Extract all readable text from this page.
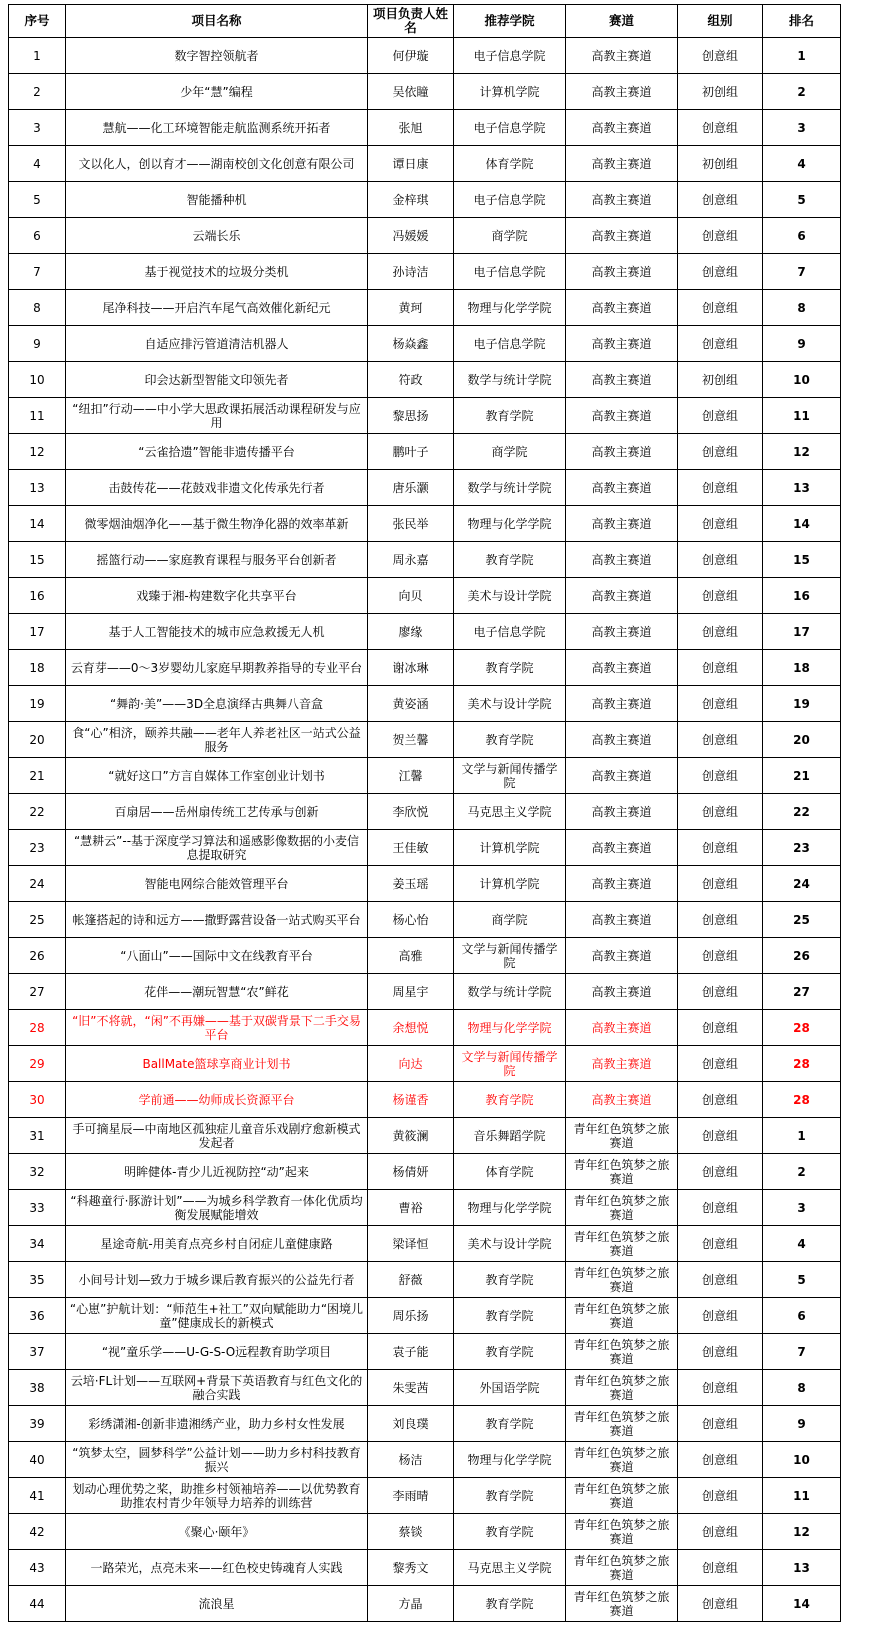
序号	项目名称	项目负责人姓名	推荐学院	赛道	组别	排名
1	数字智控领航者	何伊璇	电子信息学院	高教主赛道	创意组	1
2	少年“慧”编程	吴依瞳	计算机学院	高教主赛道	初创组	2
3	慧航——化工环境智能走航监测系统开拓者	张旭	电子信息学院	高教主赛道	创意组	3
4	文以化人，创以育才——湖南校创文化创意有限公司	谭日康	体育学院	高教主赛道	初创组	4
5	智能播种机	金梓琪	电子信息学院	高教主赛道	创意组	5
6	云端长乐	冯媛媛	商学院	高教主赛道	创意组	6
7	基于视觉技术的垃圾分类机	孙诗洁	电子信息学院	高教主赛道	创意组	7
8	尾净科技——开启汽车尾气高效催化新纪元	黄珂	物理与化学学院	高教主赛道	创意组	8
9	自适应排污管道清洁机器人	杨焱鑫	电子信息学院	高教主赛道	创意组	9
10	印会达新型智能文印领先者	符政	数学与统计学院	高教主赛道	初创组	10
11	“纽扣”行动——中小学大思政课拓展活动课程研发与应用	黎思扬	教育学院	高教主赛道	创意组	11
12	“云雀拾遗”智能非遗传播平台	鹏叶子	商学院	高教主赛道	创意组	12
13	击鼓传花——花鼓戏非遗文化传承先行者	唐乐灏	数学与统计学院	高教主赛道	创意组	13
14	微零烟油烟净化——基于微生物净化器的效率革新	张民举	物理与化学学院	高教主赛道	创意组	14
15	摇篮行动——家庭教育课程与服务平台创新者	周永嘉	教育学院	高教主赛道	创意组	15
16	戏臻于湘-构建数字化共享平台	向贝	美术与设计学院	高教主赛道	创意组	16
17	基于人工智能技术的城市应急救援无人机	廖缘	电子信息学院	高教主赛道	创意组	17
18	云育芽——0～3岁婴幼儿家庭早期教养指导的专业平台	谢冰琳	教育学院	高教主赛道	创意组	18
19	“舞韵·美”——3D全息演绎古典舞八音盒	黄姿涵	美术与设计学院	高教主赛道	创意组	19
20	食“心”相济，颐养共融——老年人养老社区一站式公益服务	贺兰馨	教育学院	高教主赛道	创意组	20
21	“就好这口”方言自媒体工作室创业计划书	江馨	文学与新闻传播学院	高教主赛道	创意组	21
22	百扇居——岳州扇传统工艺传承与创新	李欣悦	马克思主义学院	高教主赛道	创意组	22
23	“慧耕云”--基于深度学习算法和遥感影像数据的小麦信息提取研究	王佳敏	计算机学院	高教主赛道	创意组	23
24	智能电网综合能效管理平台	姜玉瑶	计算机学院	高教主赛道	创意组	24
25	帐篷搭起的诗和远方——撒野露营设备一站式购买平台	杨心怡	商学院	高教主赛道	创意组	25
26	“八面山”——国际中文在线教育平台	高雅	文学与新闻传播学院	高教主赛道	创意组	26
27	花伴——潮玩智慧“农”鲜花	周星宇	数学与统计学院	高教主赛道	创意组	27
28	“旧”不将就，“闲”不再嫌——基于双碳背景下二手交易平台	余想悦	物理与化学学院	高教主赛道	创意组	28
29	BallMate篮球享商业计划书	向达	文学与新闻传播学院	高教主赛道	创意组	28
30	学前通——幼师成长资源平台	杨谨香	教育学院	高教主赛道	创意组	28
31	手可摘星辰—中南地区孤独症儿童音乐戏剧疗愈新模式发起者	黄筱澜	音乐舞蹈学院	青年红色筑梦之旅赛道	创意组	1
32	明眸健体-青少儿近视防控“动”起来	杨倩妍	体育学院	青年红色筑梦之旅赛道	创意组	2
33	“科趣童行·豚游计划”——为城乡科学教育一体化优质均衡发展赋能增效	曹裕	物理与化学学院	青年红色筑梦之旅赛道	创意组	3
34	星途奇航-用美育点亮乡村自闭症儿童健康路	梁译恒	美术与设计学院	青年红色筑梦之旅赛道	创意组	4
35	小间号计划—致力于城乡课后教育振兴的公益先行者	舒薇	教育学院	青年红色筑梦之旅赛道	创意组	5
36	“心崽”护航计划：“师范生+社工”双向赋能助力“困境儿童”健康成长的新模式	周乐扬	教育学院	青年红色筑梦之旅赛道	创意组	6
37	“视”童乐学——U-G-S-O远程教育助学项目	袁子能	教育学院	青年红色筑梦之旅赛道	创意组	7
38	云培·FL计划——互联网+背景下英语教育与红色文化的融合实践	朱雯茜	外国语学院	青年红色筑梦之旅赛道	创意组	8
39	彩绣潇湘-创新非遗湘绣产业，助力乡村女性发展	刘良璞	教育学院	青年红色筑梦之旅赛道	创意组	9
40	“筑梦太空，圆梦科学”公益计划——助力乡村科技教育振兴	杨洁	物理与化学学院	青年红色筑梦之旅赛道	创意组	10
41	划动心理优势之桨，助推乡村领袖培养——以优势教育助推农村青少年领导力培养的训练营	李雨晴	教育学院	青年红色筑梦之旅赛道	创意组	11
42	《聚心·颐年》	蔡锬	教育学院	青年红色筑梦之旅赛道	创意组	12
43	一路荣光，点亮未来——红色校史铸魂育人实践	黎秀文	马克思主义学院	青年红色筑梦之旅赛道	创意组	13
44	流浪星	方晶	教育学院	青年红色筑梦之旅赛道	创意组	14
